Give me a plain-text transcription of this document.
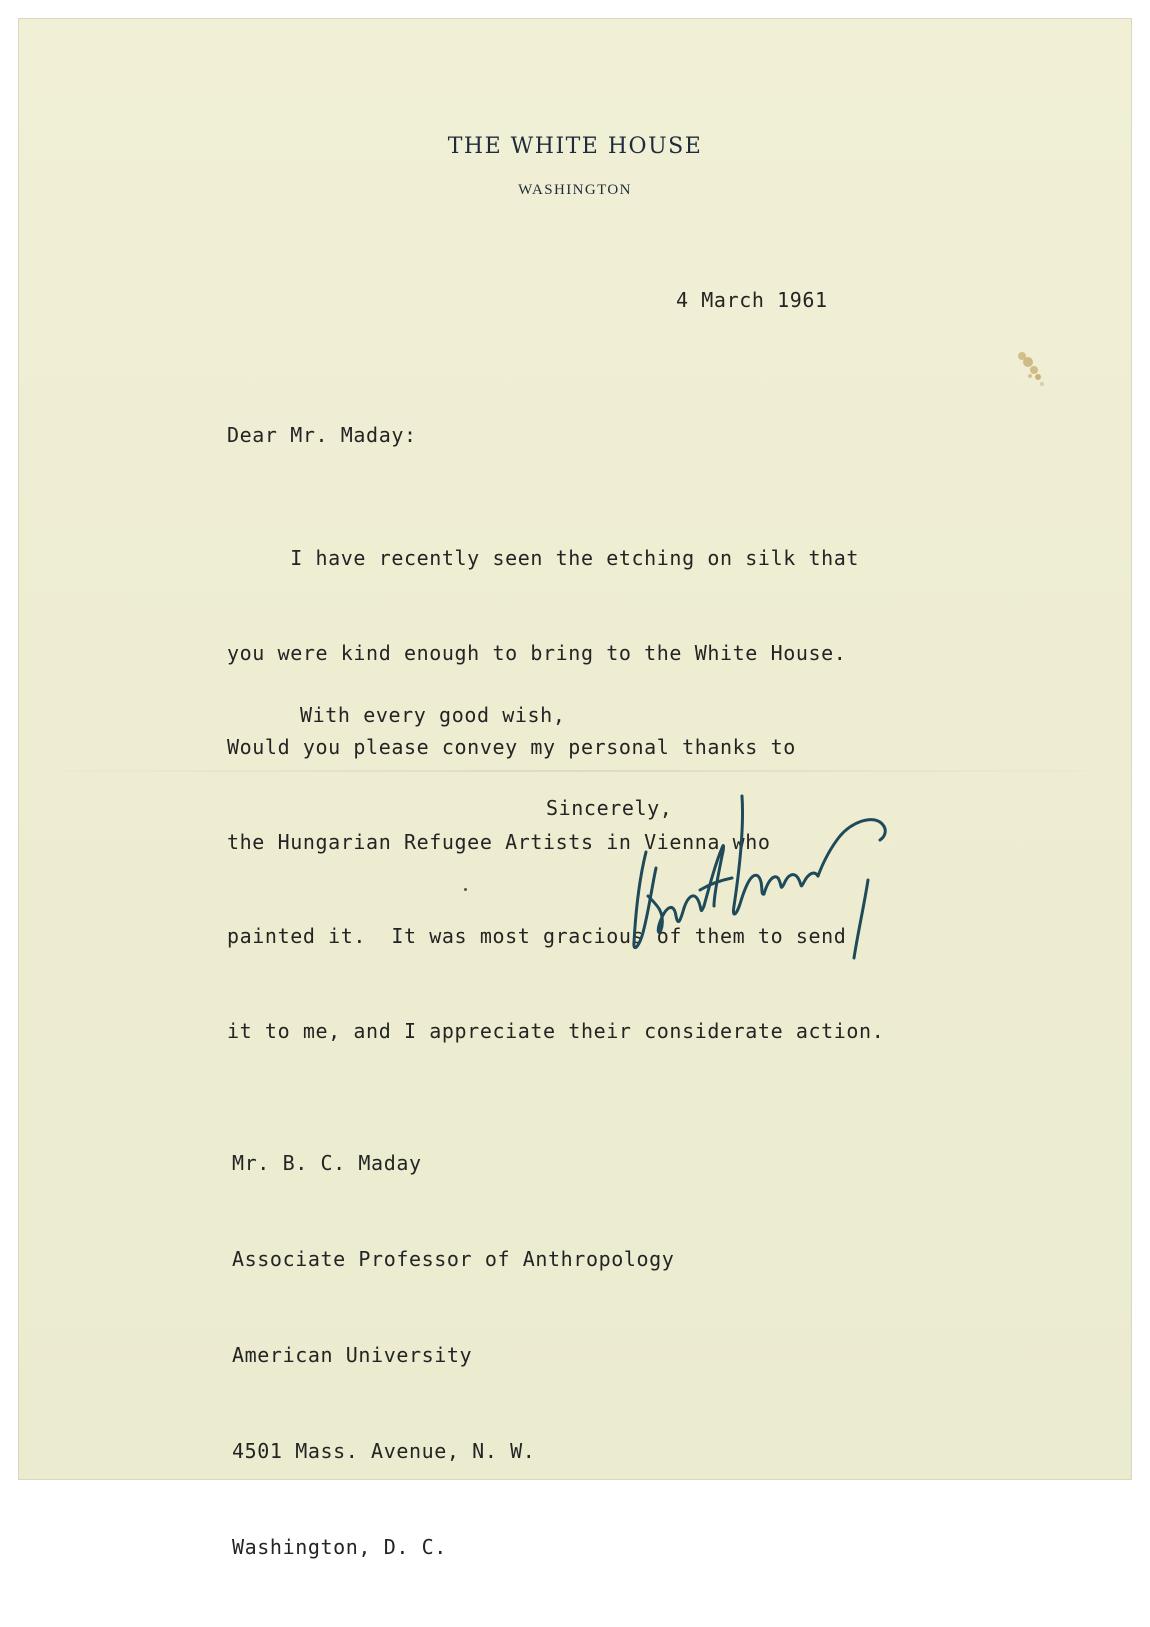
THE WHITE HOUSE
WASHINGTON
4 March 1961
Dear Mr. Maday:

I have recently seen the etching on silk that

you were kind enough to bring to the White House.

Would you please convey my personal thanks to

the Hungarian Refugee Artists in Vienna who

painted it.  It was most gracious of them to send

it to me, and I appreciate their considerate action.

With every good wish,
Sincerely,

Mr. B. C. Maday

Associate Professor of Anthropology

American University

4501 Mass. Avenue, N. W.

Washington, D. C.
